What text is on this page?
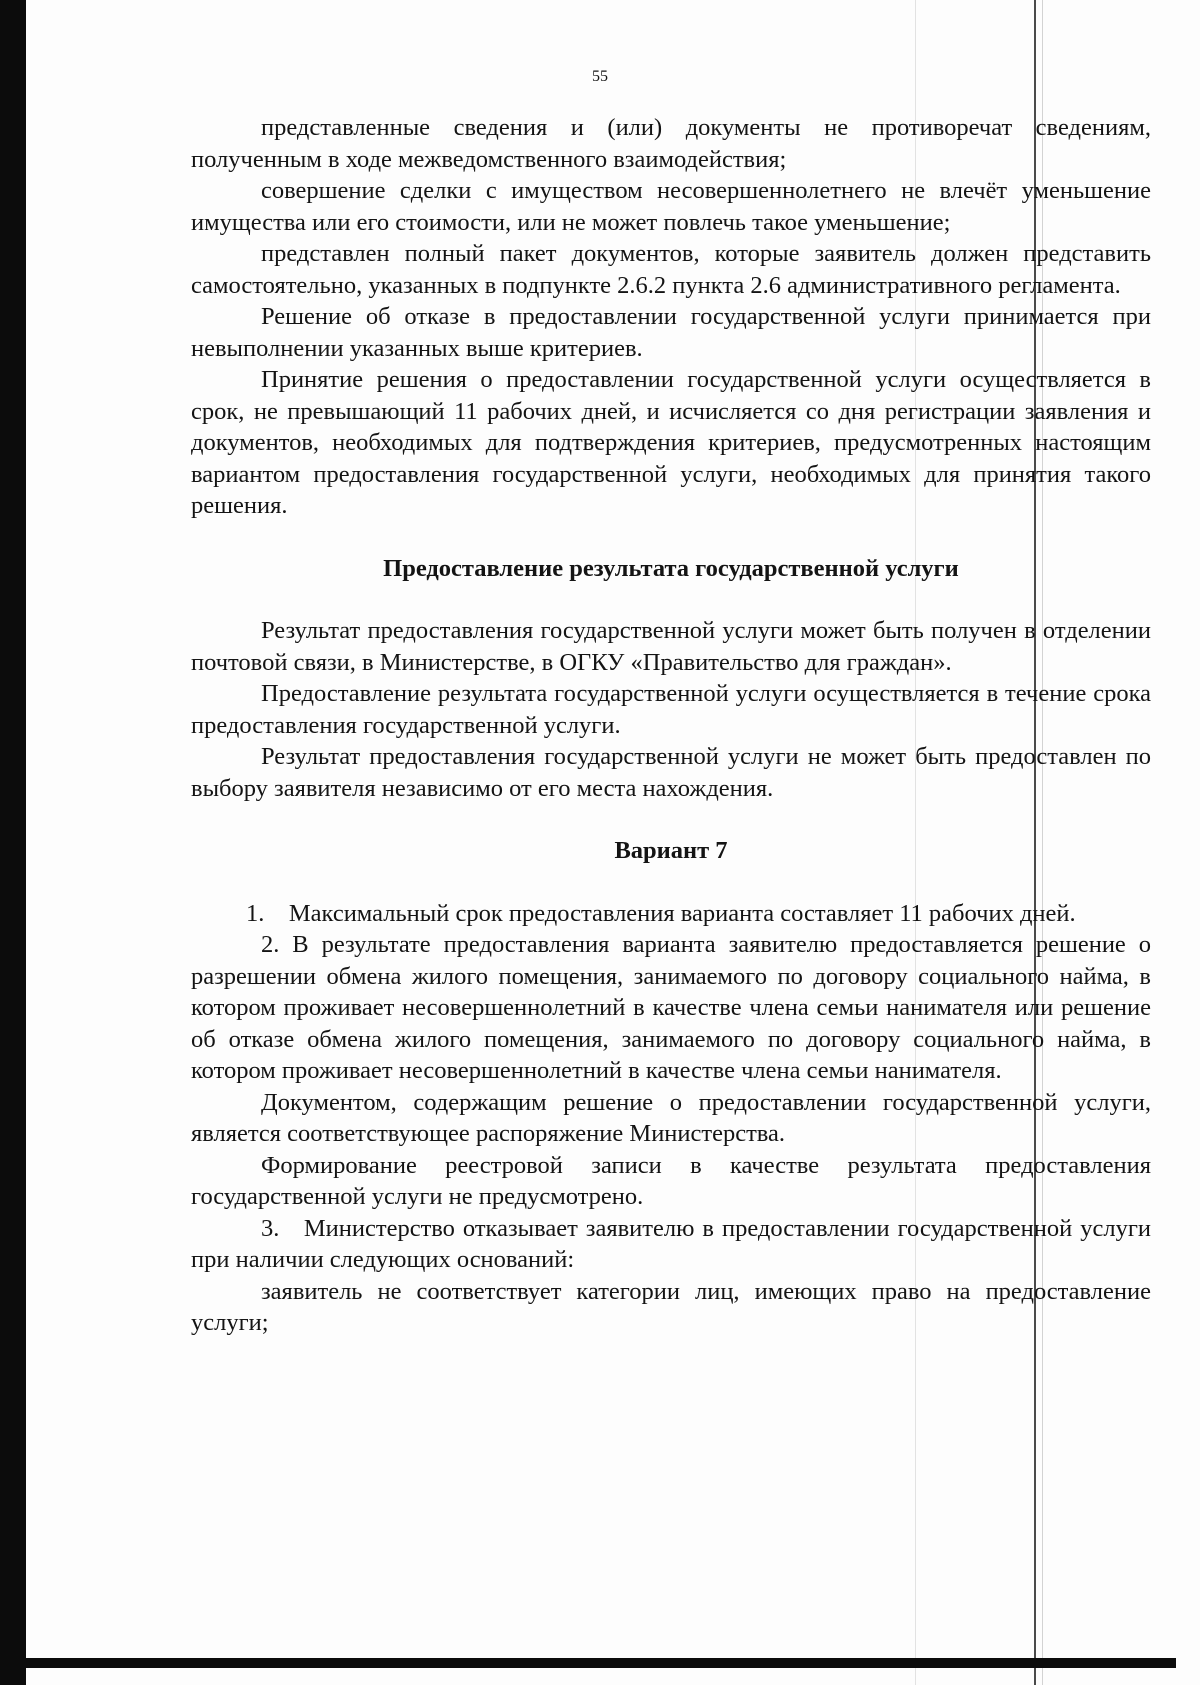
55

представленные сведения и (или) документы не противоречат сведениям, полученным в ходе межведомственного взаимодействия;

совершение сделки с имуществом несовершеннолетнего не влечёт уменьшение имущества или его стоимости, или не может повлечь такое уменьшение;

представлен полный пакет документов, которые заявитель должен представить самостоятельно, указанных в подпункте 2.6.2 пункта 2.6 административного регламента.

Решение об отказе в предоставлении государственной услуги принимается при невыполнении указанных выше критериев.

Принятие решения о предоставлении государственной услуги осуществляется в срок, не превышающий 11 рабочих дней, и исчисляется со дня регистрации заявления и документов, необходимых для подтверждения критериев, предусмотренных настоящим вариантом предоставления государственной услуги, необходимых для принятия такого решения.

Предоставление результата государственной услуги

Результат предоставления государственной услуги может быть получен в отделении почтовой связи, в Министерстве, в ОГКУ «Правительство для граждан».

Предоставление результата государственной услуги осуществляется в течение срока предоставления государственной услуги.

Результат предоставления государственной услуги не может быть предоставлен по выбору заявителя независимо от его места нахождения.

Вариант 7

1. Максимальный срок предоставления варианта составляет 11 рабочих дней.

2. В результате предоставления варианта заявителю предоставляется решение о разрешении обмена жилого помещения, занимаемого по договору социального найма, в котором проживает несовершеннолетний в качестве члена семьи нанимателя или решение об отказе обмена жилого помещения, занимаемого по договору социального найма, в котором проживает несовершеннолетний в качестве члена семьи нанимателя.

Документом, содержащим решение о предоставлении государственной услуги, является соответствующее распоряжение Министерства.

Формирование реестровой записи в качестве результата предоставления государственной услуги не предусмотрено.

3. Министерство отказывает заявителю в предоставлении государственной услуги при наличии следующих оснований:

заявитель не соответствует категории лиц, имеющих право на предоставление услуги;
